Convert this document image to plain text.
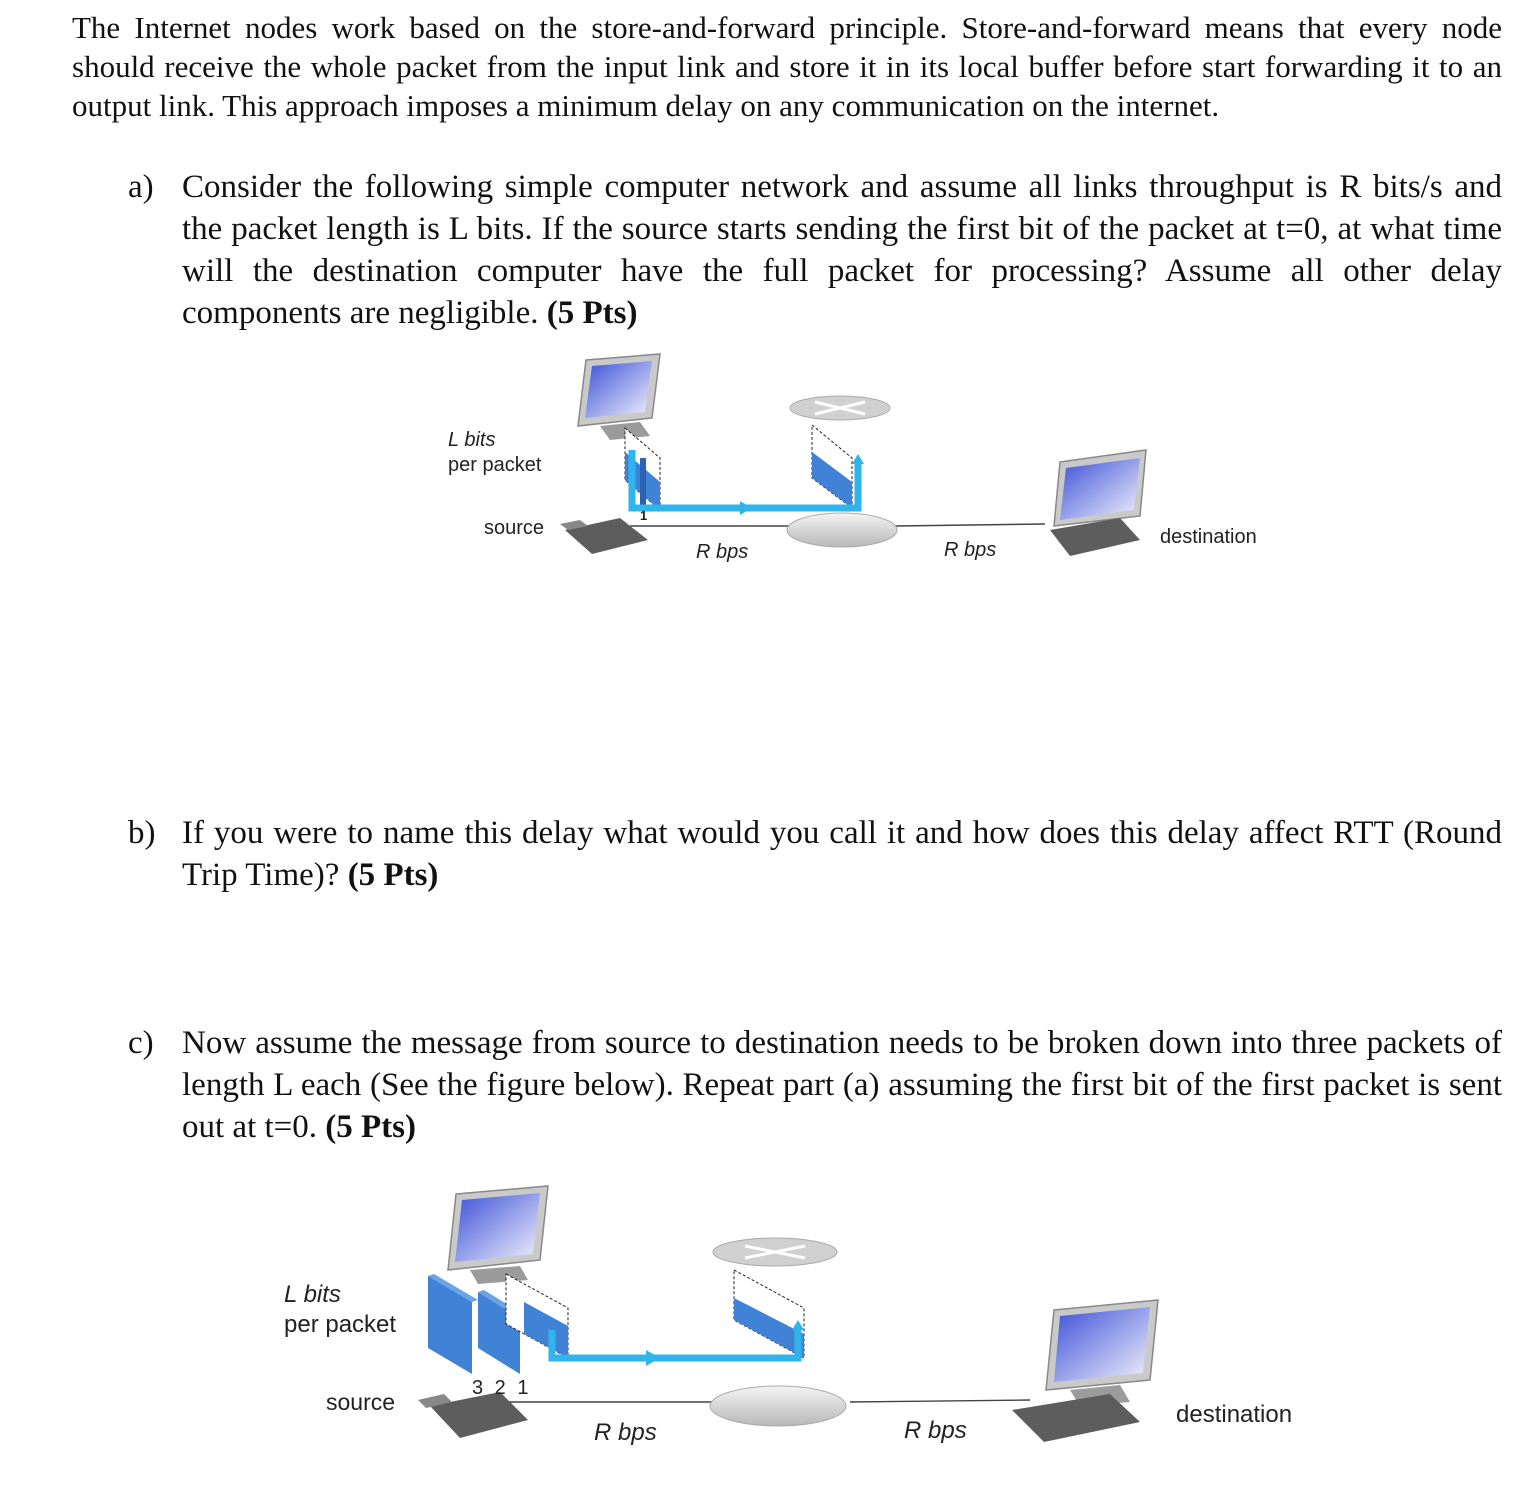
The Internet nodes work based on the store-and-forward principle. Store-and-forward means that every node should receive the whole packet from the input link and store it in its local buffer before start forwarding it to an output link. This approach imposes a minimum delay on any communication on the internet.

a) Consider the following simple computer network and assume all links throughput is R bits/s and the packet length is L bits. If the source starts sending the first bit of the packet at t=0, at what time will the destination computer have the full packet for processing? Assume all other delay components are negligible. (5 Pts)
b) If you were to name this delay what would you call it and how does this delay affect RTT (Round Trip Time)? (5 Pts)
c) Now assume the message from source to destination needs to be broken down into three packets of length L each (See the figure below). Repeat part (a) assuming the first bit of the first packet is sent out at t=0. (5 Pts)
L bits
per packet
source
1
R bps	R bps
destination
L bits
per packet
source
3 2 1
R bps	R bps
destination
